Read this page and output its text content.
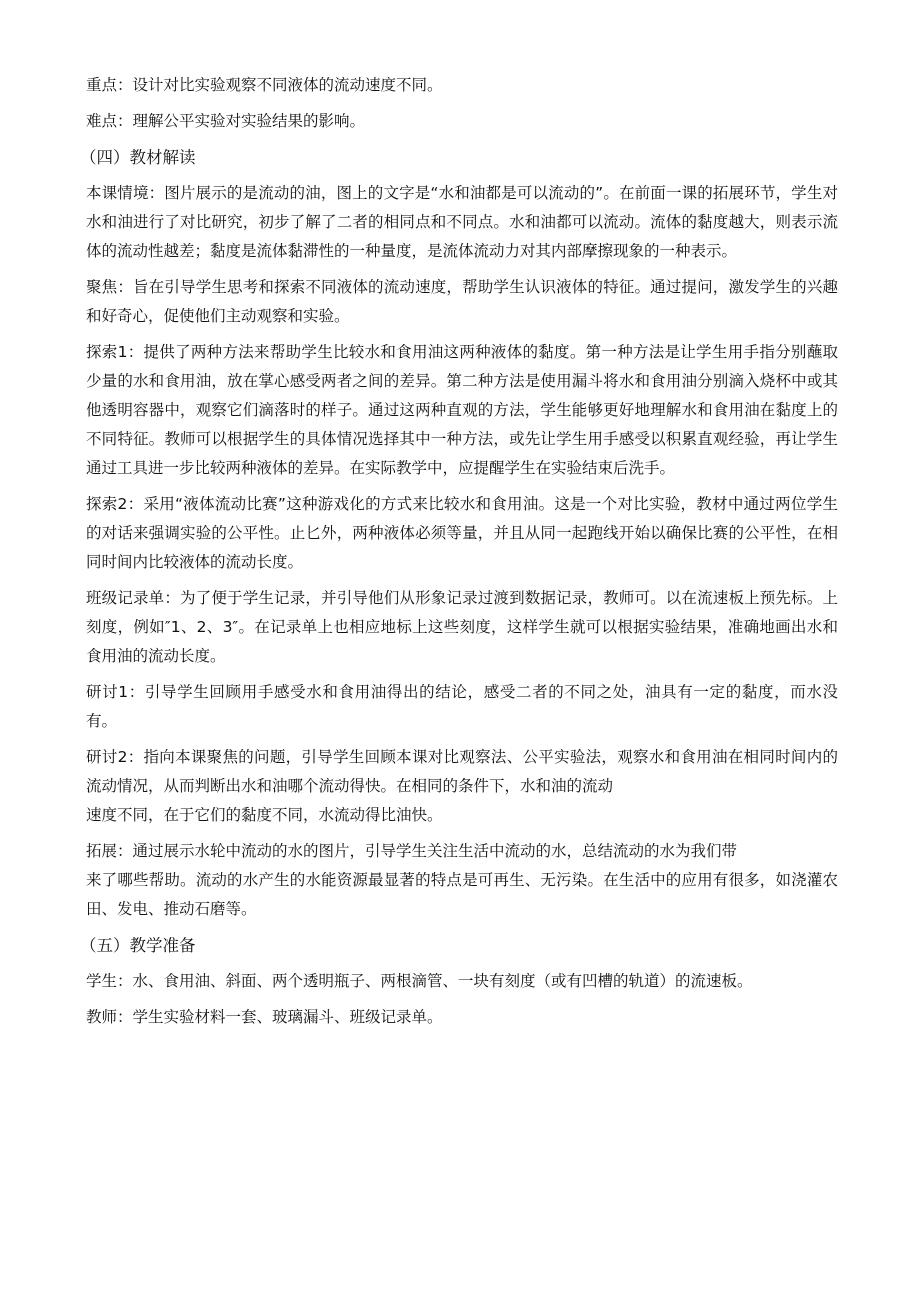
重点：设计对比实验观察不同液体的流动速度不同。

难点：理解公平实验对实验结果的影响。

（四）教材解读

本课情境：图片展示的是流动的油，图上的文字是“水和油都是可以流动的”。在前面一课的拓展环节，学生对水和油进行了对比研究，初步了解了二者的相同点和不同点。水和油都可以流动。流体的黏度越大，则表示流体的流动性越差；黏度是流体黏滞性的一种量度，是流体流动力对其内部摩擦现象的一种表示。

聚焦：旨在引导学生思考和探索不同液体的流动速度，帮助学生认识液体的特征。通过提问，激发学生的兴趣和好奇心，促使他们主动观察和实验。

探索1：提供了两种方法来帮助学生比较水和食用油这两种液体的黏度。第一种方法是让学生用手指分别蘸取少量的水和食用油，放在掌心感受两者之间的差异。第二种方法是使用漏斗将水和食用油分别滴入烧杯中或其他透明容器中，观察它们滴落时的样子。通过这两种直观的方法，学生能够更好地理解水和食用油在黏度上的不同特征。教师可以根据学生的具体情况选择其中一种方法，或先让学生用手感受以积累直观经验，再让学生通过工具进一步比较两种液体的差异。在实际教学中，应提醒学生在实验结束后洗手。

探索2：采用“液体流动比赛”这种游戏化的方式来比较水和食用油。这是一个对比实验，教材中通过两位学生的对话来强调实验的公平性。止匕外，两种液体必须等量，并且从同一起跑线开始以确保比赛的公平性，在相同时间内比较液体的流动长度。

班级记录单：为了便于学生记录，并引导他们从形象记录过渡到数据记录，教师可。以在流速板上预先标。上刻度，例如″1、2、3″。在记录单上也相应地标上这些刻度，这样学生就可以根据实验结果，准确地画出水和食用油的流动长度。

研讨1：引导学生回顾用手感受水和食用油得出的结论，感受二者的不同之处，油具有一定的黏度，而水没有。

研讨2：指向本课聚焦的问题，引导学生回顾本课对比观察法、公平实验法，观察水和食用油在相同时间内的流动情况，从而判断出水和油哪个流动得快。在相同的条件下，水和油的流动

速度不同，在于它们的黏度不同，水流动得比油快。

拓展：通过展示水轮中流动的水的图片，引导学生关注生活中流动的水，总结流动的水为我们带

来了哪些帮助。流动的水产生的水能资源最显著的特点是可再生、无污染。在生活中的应用有很多，如浇灌农田、发电、推动石磨等。

（五）教学准备

学生：水、食用油、斜面、两个透明瓶子、两根滴管、一块有刻度（或有凹槽的轨道）的流速板。

教师：学生实验材料一套、玻璃漏斗、班级记录单。
